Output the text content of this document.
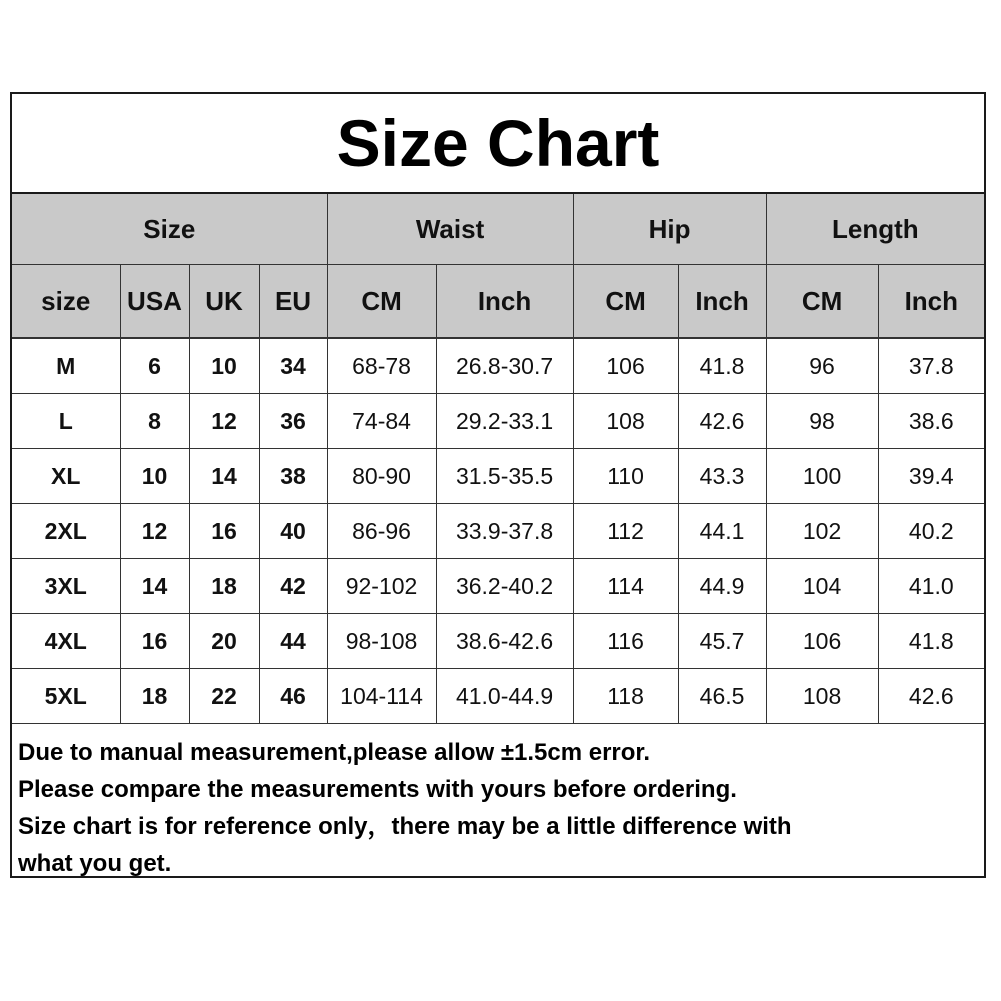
Size Chart
Size				Waist		Hip		Length	
size	USA	UK	EU	CM	Inch	CM	Inch	CM	Inch
M	6	10	34	68-78	26.8-30.7	106	41.8	96	37.8
L	8	12	36	74-84	29.2-33.1	108	42.6	98	38.6
XL	10	14	38	80-90	31.5-35.5	110	43.3	100	39.4
2XL	12	16	40	86-96	33.9-37.8	112	44.1	102	40.2
3XL	14	18	42	92-102	36.2-40.2	114	44.9	104	41.0
4XL	16	20	44	98-108	38.6-42.6	116	45.7	106	41.8
5XL	18	22	46	104-114	41.0-44.9	118	46.5	108	42.6
Due to manual measurement,please allow ±1.5cm error.
Please compare the measurements with yours before ordering.
Size chart is for reference only，there may be a little difference with
what you get.
